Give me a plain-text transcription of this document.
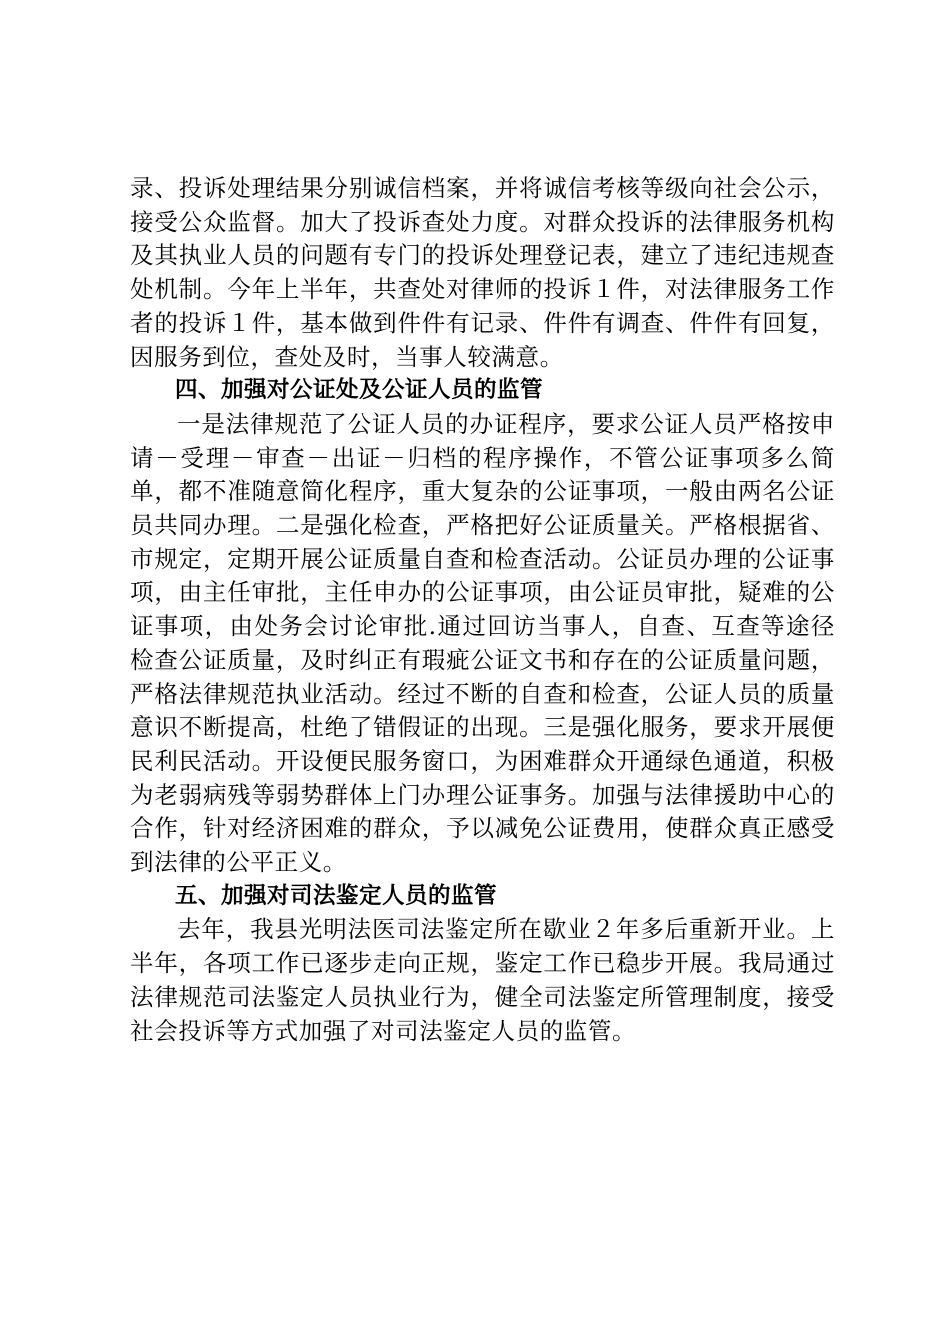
录、投诉处理结果分别诚信档案，并将诚信考核等级向社会公示，接受公众监督。加大了投诉查处力度。对群众投诉的法律服务机构及其执业人员的问题有专门的投诉处理登记表，建立了违纪违规查处机制。今年上半年，共查处对律师的投诉１件，对法律服务工作者的投诉１件，基本做到件件有记录、件件有调查、件件有回复，因服务到位，查处及时，当事人较满意。

四、加强对公证处及公证人员的监管

一是法律规范了公证人员的办证程序，要求公证人员严格按申请－受理－审查－出证－归档的程序操作，不管公证事项多么简单，都不准随意简化程序，重大复杂的公证事项，一般由两名公证员共同办理。二是强化检查，严格把好公证质量关。严格根据省、市规定，定期开展公证质量自查和检查活动。公证员办理的公证事项，由主任审批，主任申办的公证事项，由公证员审批，疑难的公证事项，由处务会讨论审批.通过回访当事人，自查、互查等途径检查公证质量，及时纠正有瑕疵公证文书和存在的公证质量问题，严格法律规范执业活动。经过不断的自查和检查，公证人员的质量意识不断提高，杜绝了错假证的出现。三是强化服务，要求开展便民利民活动。开设便民服务窗口，为困难群众开通绿色通道，积极为老弱病残等弱势群体上门办理公证事务。加强与法律援助中心的合作，针对经济困难的群众，予以减免公证费用，使群众真正感受到法律的公平正义。

五、加强对司法鉴定人员的监管

去年，我县光明法医司法鉴定所在歇业２年多后重新开业。上半年，各项工作已逐步走向正规，鉴定工作已稳步开展。我局通过法律规范司法鉴定人员执业行为，健全司法鉴定所管理制度，接受社会投诉等方式加强了对司法鉴定人员的监管。
